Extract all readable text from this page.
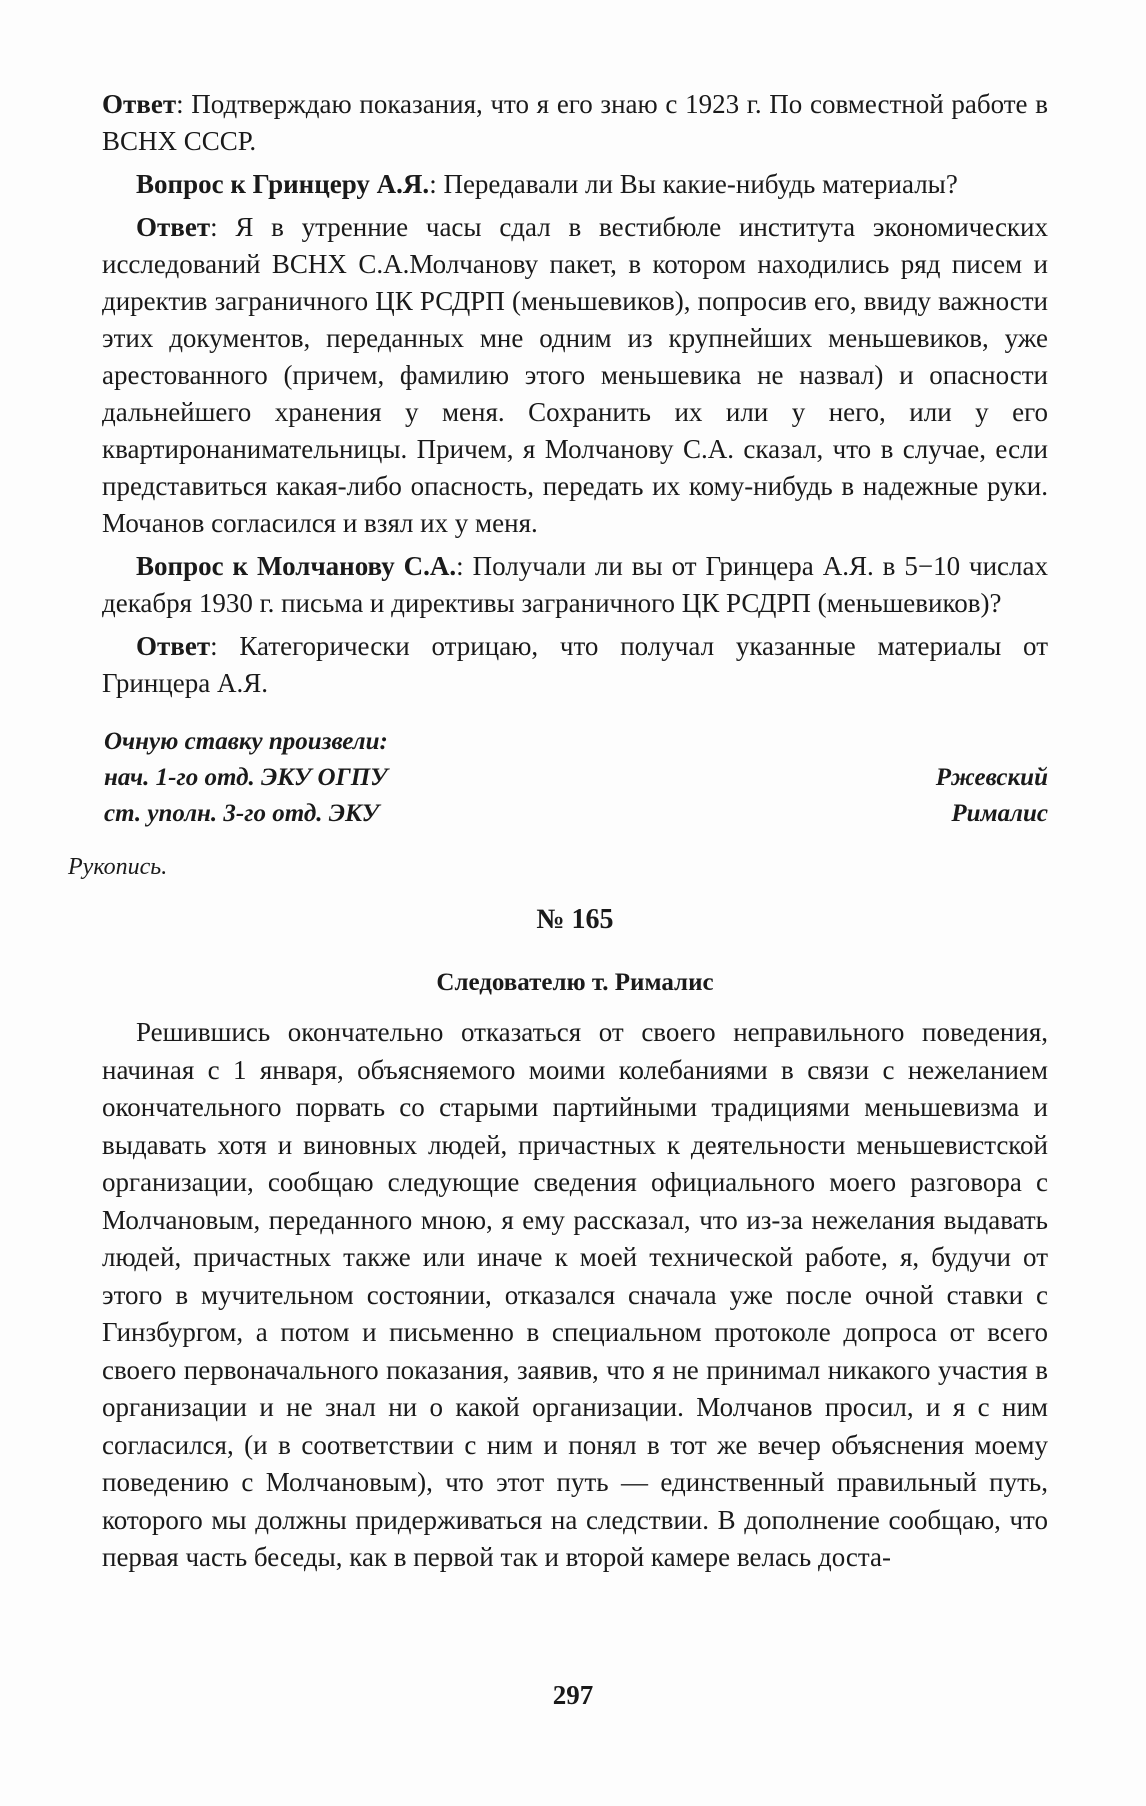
Ответ: Подтверждаю показания, что я его знаю с 1923 г. По совместной работе в ВСНХ СССР.

Вопрос к Гринцеру А.Я.: Передавали ли Вы какие-нибудь материалы?

Ответ: Я в утренние часы сдал в вестибюле института экономических исследований ВСНХ С.А.Молчанову пакет, в котором находились ряд писем и директив заграничного ЦК РСДРП (меньшевиков), попросив его, ввиду важности этих документов, переданных мне одним из крупнейших меньшевиков, уже арестованного (причем, фамилию этого меньшевика не назвал) и опасности дальнейшего хранения у меня. Сохранить их или у него, или у его квартиронанимательницы. Причем, я Молчанову С.А. сказал, что в случае, если представиться какая-либо опасность, передать их кому-нибудь в надежные руки. Мочанов согласился и взял их у меня.

Вопрос к Молчанову С.А.: Получали ли вы от Гринцера А.Я. в 5−10 числах декабря 1930 г. письма и директивы заграничного ЦК РСДРП (меньшевиков)?

Ответ: Категорически отрицаю, что получал указанные материалы от Гринцера А.Я.

Очную ставку произвели:
нач. 1-го отд. ЭКУ ОГПУ	Ржевский
ст. уполн. 3-го отд. ЭКУ	Рималис
Рукопись.
№ 165
Следователю т. Рималис

Решившись окончательно отказаться от своего неправильного поведения, начиная с 1 января, объясняемого моими колебаниями в связи с нежеланием окончательного порвать со старыми партийными традициями меньшевизма и выдавать хотя и виновных людей, причастных к деятельности меньшевистской организации, сообщаю следующие сведения официального моего разговора с Молчановым, переданного мною, я ему рассказал, что из-за нежелания выдавать людей, причастных также или иначе к моей технической работе, я, будучи от этого в мучительном состоянии, отказался сначала уже после очной ставки с Гинзбургом, а потом и письменно в специальном протоколе допроса от всего своего первоначального показания, заявив, что я не принимал никакого участия в организации и не знал ни о какой организации. Молчанов просил, и я с ним согласился, (и в соответствии с ним и понял в тот же вечер объяснения моему поведению с Молчановым), что этот путь — единственный правильный путь, которого мы должны придерживаться на следствии. В дополнение сообщаю, что первая часть беседы, как в первой так и второй камере велась доста-

297
